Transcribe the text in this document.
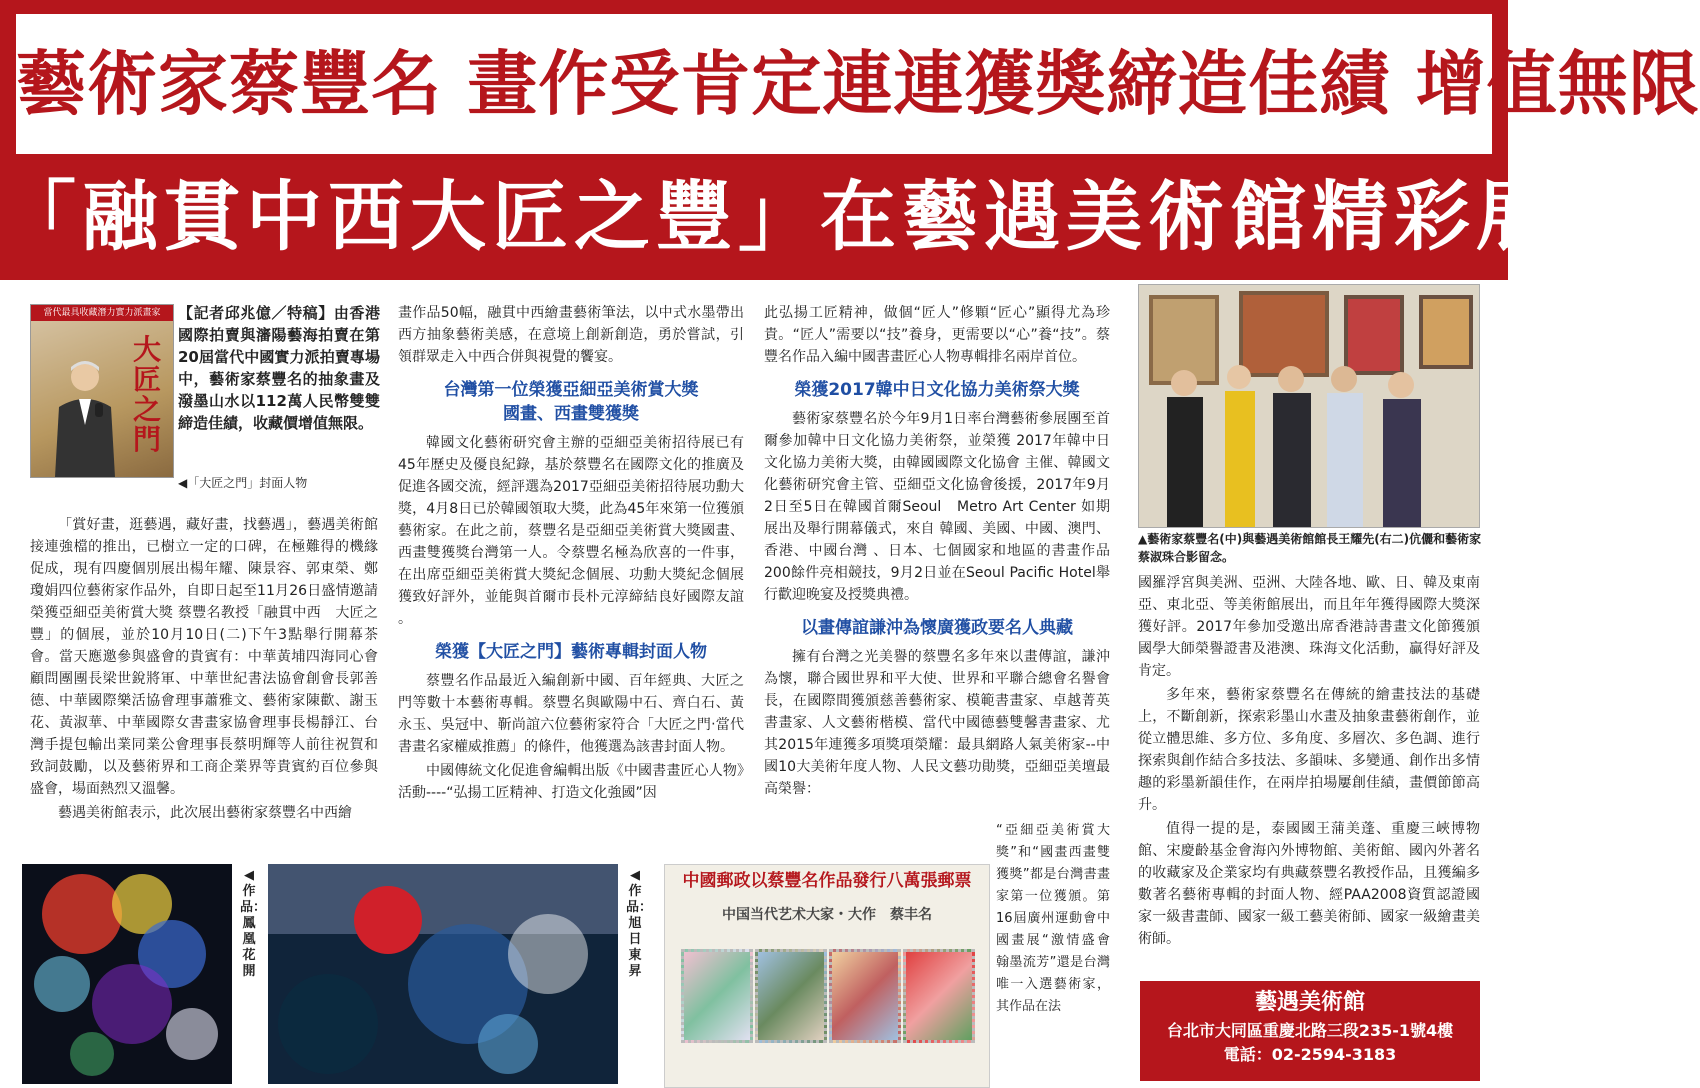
藝術家蔡豐名 畫作受肯定連連獲獎締造佳績 增值無限
「融貫中西大匠之豐」在藝遇美術館精彩展出
當代最具收藏潛力實力派畫家
大匠之門
◀「大匠之門」封面人物
【記者邱兆億／特稿】由香港國際拍賣與瀋陽藝海拍賣在第20屆當代中國實力派拍賣專場中，藝術家蔡豐名的抽象畫及潑墨山水以112萬人民幣雙雙締造佳績，收藏價增值無限。

「賞好畫，逛藝遇，藏好畫，找藝遇」，藝遇美術館接連強檔的推出，已樹立一定的口碑，在極難得的機緣促成，現有四慶個別展出楊年耀、陳景容、郭東榮、鄭瓊娟四位藝術家作品外，自即日起至11月26日盛情邀請榮獲亞細亞美術賞大獎 蔡豐名教授「融貫中西　大匠之豐」的個展，並於10月10日(二)下午3點舉行開幕茶會。當天應邀參與盛會的貴賓有：中華黃埔四海同心會顧問團團長梁世銳將軍、中華世紀書法協會創會長郭善德、中華國際樂活協會理事蕭雅文、藝術家陳歡、謝玉花、黃淑華、中華國際女書畫家協會理事長楊靜江、台灣手提包輸出業同業公會理事長蔡明輝等人前往祝賀和致詞鼓勵，以及藝術界和工商企業界等貴賓約百位參與盛會，場面熱烈又溫馨。

藝遇美術館表示，此次展出藝術家蔡豐名中西繪

畫作品50幅，融貫中西繪畫藝術筆法，以中式水墨帶出西方抽象藝術美感，在意境上創新創造，勇於嘗試，引領群眾走入中西合併與視覺的饗宴。

台灣第一位榮獲亞細亞美術賞大獎
國畫、西畫雙獲獎

韓國文化藝術研究會主辦的亞細亞美術招待展已有45年歷史及優良紀錄，基於蔡豐名在國際文化的推廣及促進各國交流，經評選為2017亞細亞美術招待展功勳大獎，4月8日已於韓國領取大獎，此為45年來第一位獲頒藝術家。在此之前，蔡豐名是亞細亞美術賞大獎國畫、西畫雙獲獎台灣第一人。令蔡豐名極為欣喜的一件事，在出席亞細亞美術賞大獎紀念個展、功勳大獎紀念個展 獲致好評外，並能與首爾市長朴元淳締結良好國際友誼 。

榮獲【大匠之門】藝術專輯封面人物

蔡豐名作品最近入編創新中國、百年經典、大匠之門等數十本藝術專輯。蔡豐名與歐陽中石、齊白石、黃永玉、吳冠中、靳尚誼六位藝術家符合「大匠之門‧當代書畫名家權威推薦」的條件，他獲選為該書封面人物。

中國傳統文化促進會編輯出版《中國書畫匠心人物》活動----“弘揚工匠精神、打造文化強國”因

此弘揚工匠精神，做個“匠人”修顆“匠心”顯得尤為珍貴。“匠人”需要以“技”養身，更需要以“心”養“技”。蔡豐名作品入編中國書畫匠心人物專輯排名兩岸首位。

榮獲2017韓中日文化協力美術祭大獎

藝術家蔡豐名於今年9月1日率台灣藝術參展團至首爾參加韓中日文化協力美術祭，並榮獲 2017年韓中日文化協力美術大獎，由韓國國際文化協會 主催、韓國文化藝術研究會主管、亞細亞文化協會後援，2017年9月2日至5日在韓國首爾Seoul　Metro Art Center 如期展出及舉行開幕儀式，來自 韓國、美國、中國、澳門、香港、中國台灣 、日本、七個國家和地區的書畫作品200餘件亮相競技，9月2日並在Seoul Pacific Hotel舉行歡迎晚宴及授獎典禮。

以畫傳誼謙沖為懷廣獲政要名人典藏

擁有台灣之光美譽的蔡豐名多年來以畫傳誼，謙沖為懷，聯合國世界和平大使、世界和平聯合總會名譽會長，在國際間獲頒慈善藝術家、模範書畫家、卓越菁英書畫家、人文藝術楷模、當代中國德藝雙馨書畫家、尤其2015年連獲多項獎項榮耀：最具網路人氣美術家--中國10大美術年度人物、人民文藝功勛獎，亞細亞美壇最高榮譽：

“亞細亞美術賞大獎”和“國畫西畫雙獲獎”都是台灣書畫家第一位獲頒。第16屆廣州運動會中國畫展“激情盛會　翰墨流芳”還是台灣唯一入選藝術家，其作品在法

▲藝術家蔡豐名(中)與藝遇美術館館長王耀先(右二)伉儷和藝術家蔡淑珠合影留念。

國羅浮宮與美洲、亞洲、大陸各地、歐、日、韓及東南亞、東北亞、等美術館展出，而且年年獲得國際大獎深獲好評。2017年參加受邀出席香港詩書畫文化節獲頒國學大師榮譽證書及港澳、珠海文化活動，贏得好評及肯定。

多年來，藝術家蔡豐名在傳統的繪畫技法的基礎上，不斷創新，探索彩墨山水畫及抽象畫藝術創作，並從立體思維、多方位、多角度、多層次、多色調、進行探索與創作結合多技法、多韻味、多變通、創作出多情趣的彩墨新韻佳作，在兩岸拍場屢創佳績，畫價節節高升。

值得一提的是，泰國國王蒲美蓬、重慶三峽博物館、宋慶齡基金會海內外博物館、美術館、國內外著名的收藏家及企業家均有典藏蔡豐名教授作品，且獲編多數著名藝術專輯的封面人物、經PAA2008資質認證國家一級書畫師、國家一級工藝美術師、國家一級繪畫美術師。

◀作品：鳳凰花開
◀作品：旭日東昇
中國郵政以蔡豐名作品發行八萬張郵票
中国当代艺术大家・大作　蔡丰名
藝遇美術館
台北市大同區重慶北路三段235-1號4樓
電話：02-2594-3183
